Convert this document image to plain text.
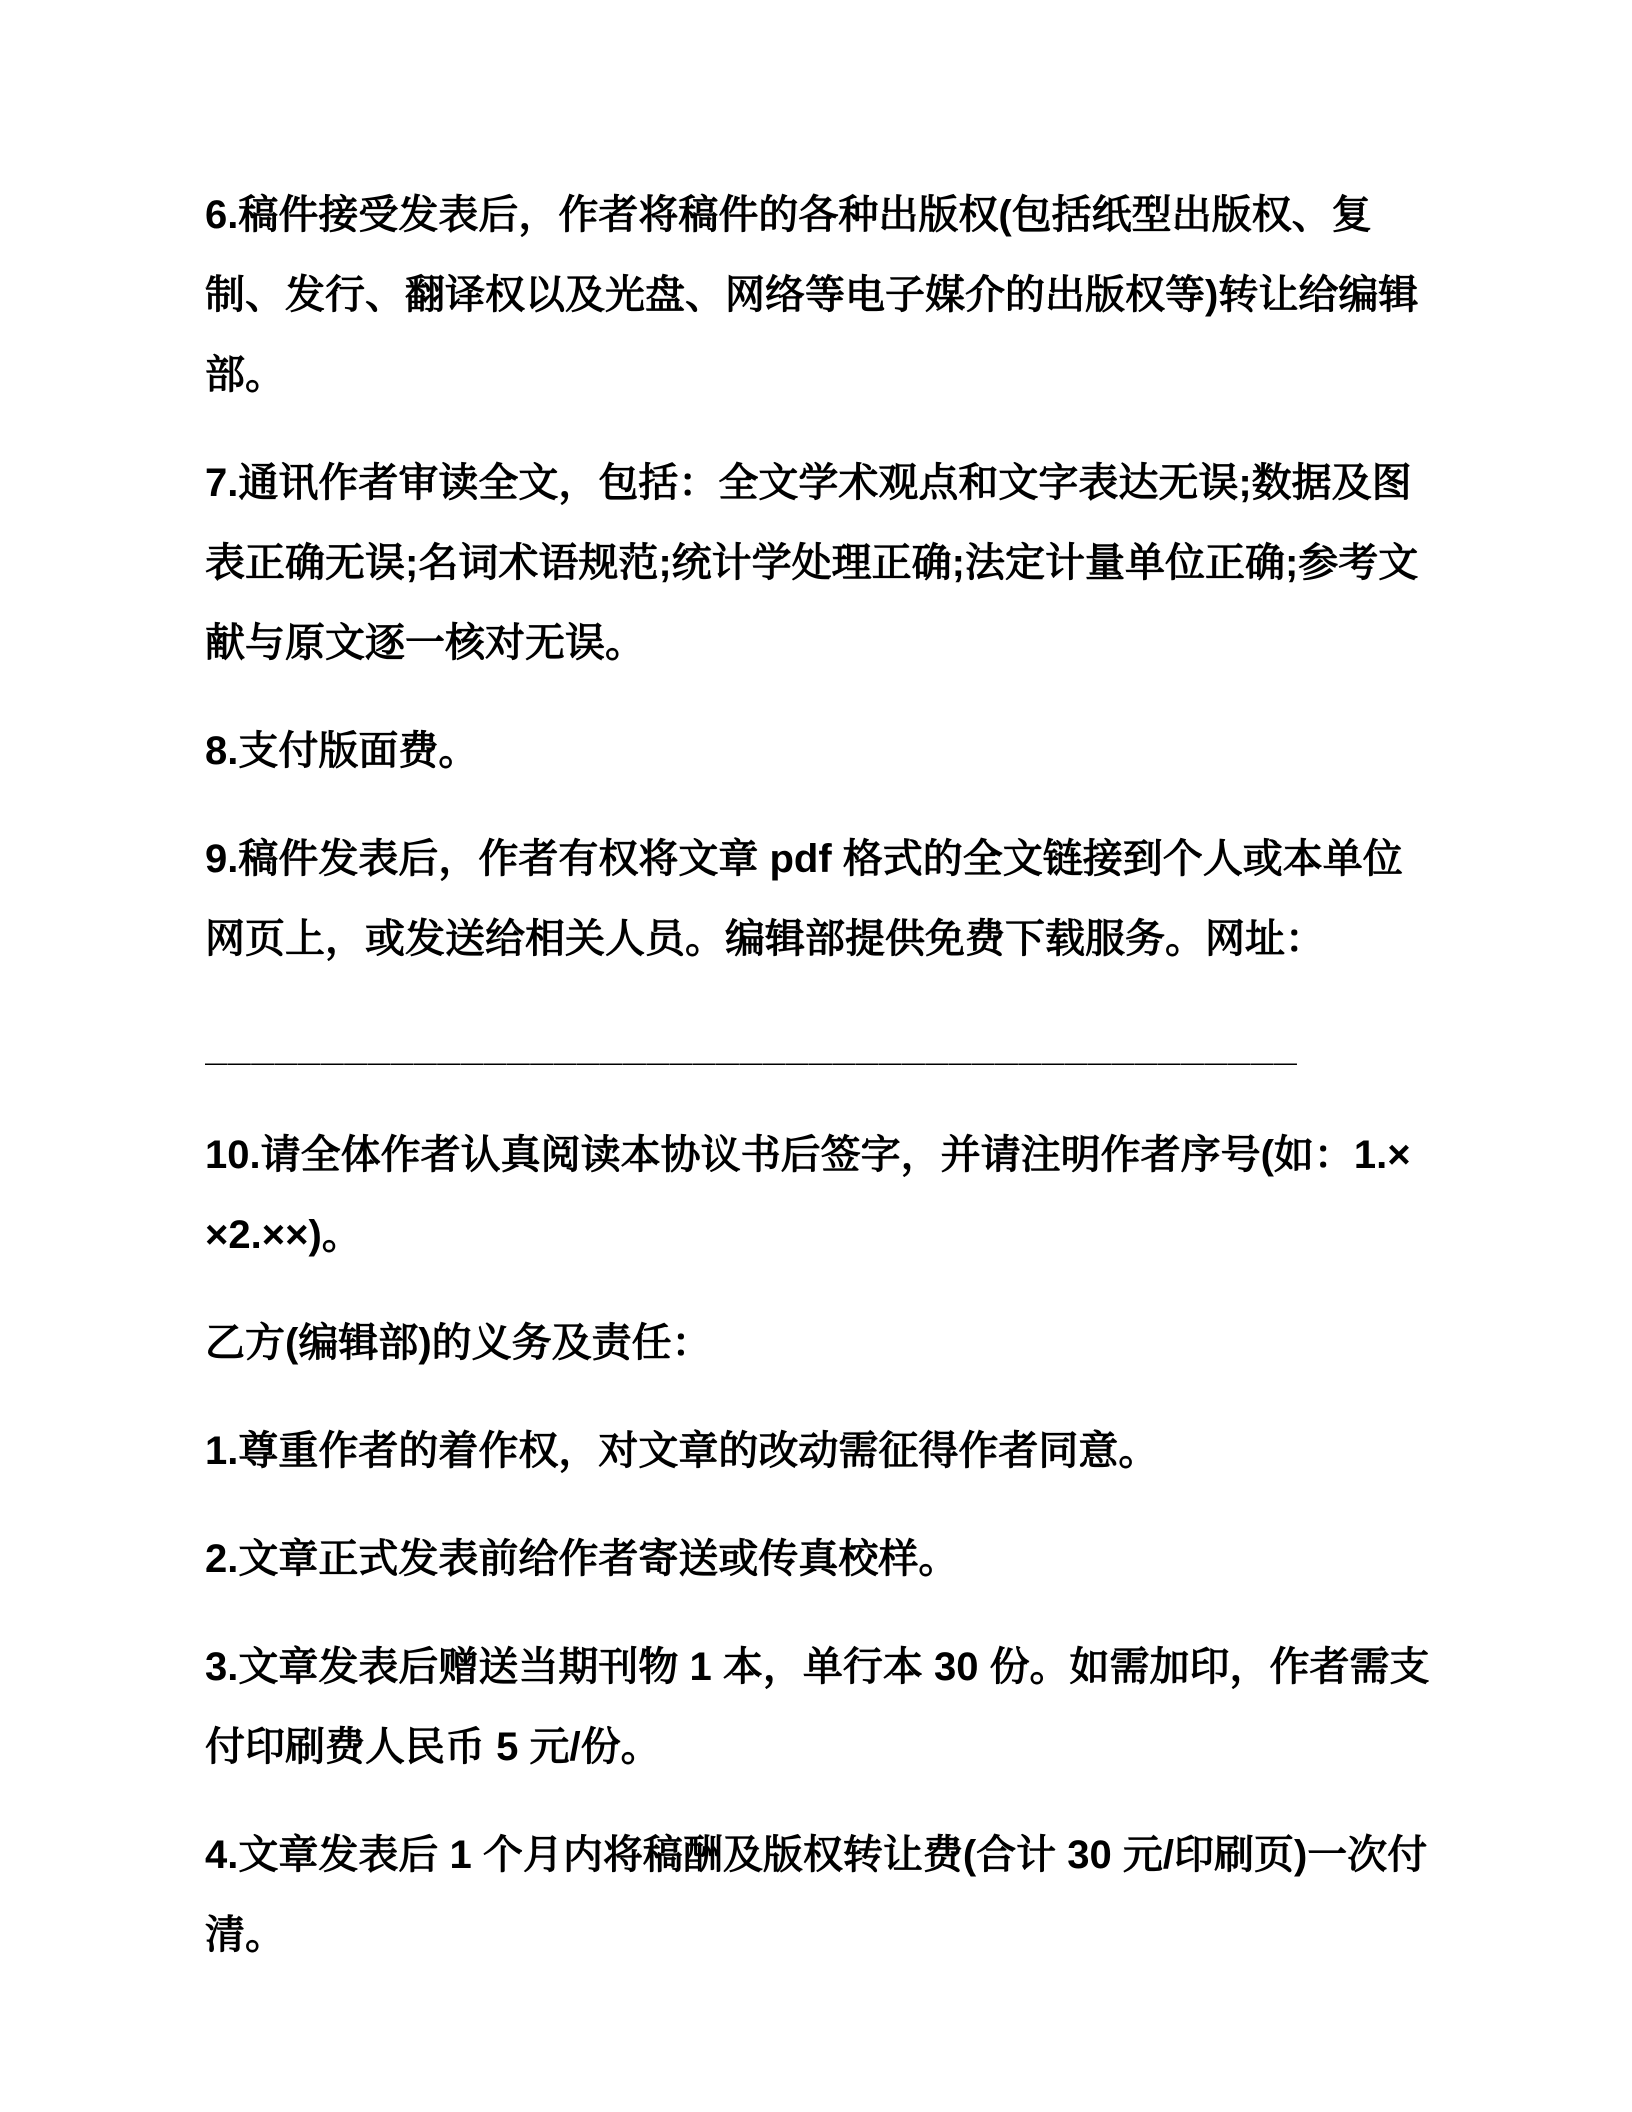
6.稿件接受发表后，作者将稿件的各种出版权(包括纸型出版权、复制、发行、翻译权以及光盘、网络等电子媒介的出版权等)转让给编辑部。

7.通讯作者审读全文，包括：全文学术观点和文字表达无误;数据及图表正确无误;名词术语规范;统计学处理正确;法定计量单位正确;参考文献与原文逐一核对无误。

8.支付版面费。

9.稿件发表后，作者有权将文章 pdf 格式的全文链接到个人或本单位网页上，或发送给相关人员。编辑部提供免费下载服务。网址：

_______________________________________________

10.请全体作者认真阅读本协议书后签字，并请注明作者序号(如：1.××2.××)。

乙方(编辑部)的义务及责任：

1.尊重作者的着作权，对文章的改动需征得作者同意。

2.文章正式发表前给作者寄送或传真校样。

3.文章发表后赠送当期刊物 1 本，单行本 30 份。如需加印，作者需支付印刷费人民币 5 元/份。

4.文章发表后 1 个月内将稿酬及版权转让费(合计 30 元/印刷页)一次付清。
